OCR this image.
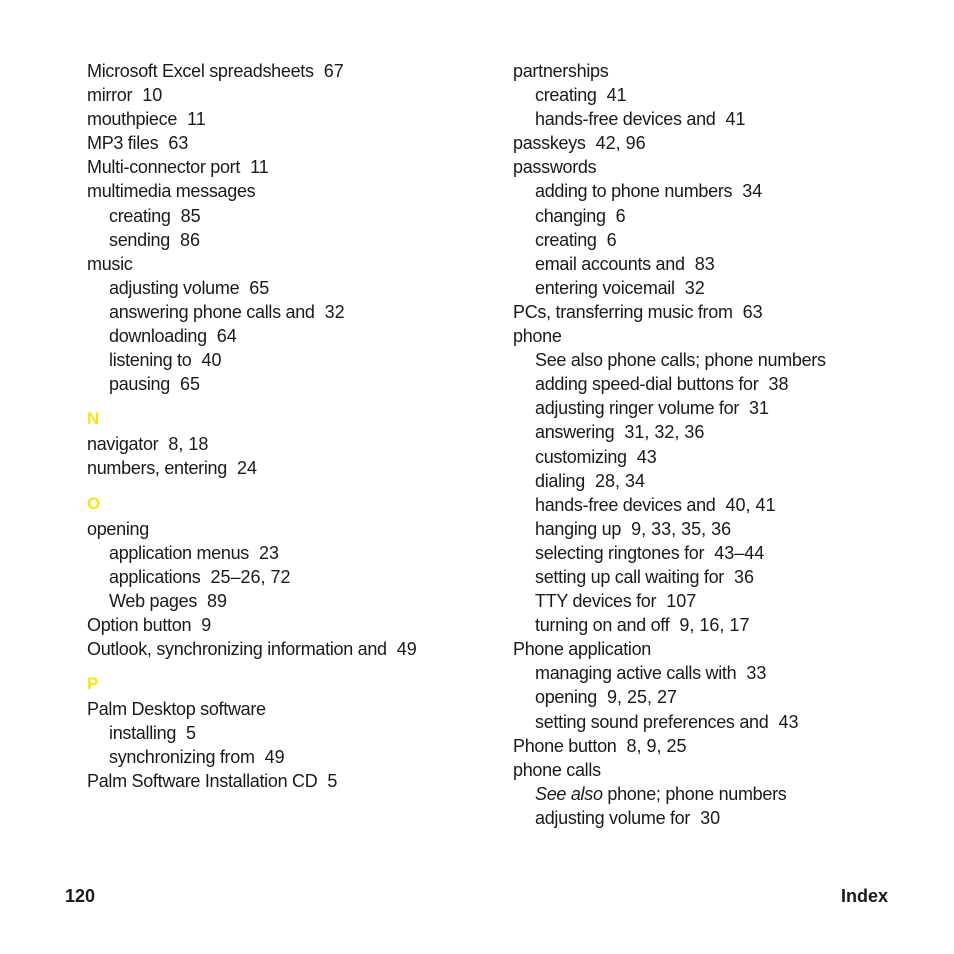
Microsoft Excel spreadsheets 67
mirror 10
mouthpiece 11
MP3 files 63
Multi-connector port 11
multimedia messages
creating 85
sending 86
music
adjusting volume 65
answering phone calls and 32
downloading 64
listening to 40
pausing 65
N
navigator 8, 18
numbers, entering 24
O
opening
application menus 23
applications 25–26, 72
Web pages 89
Option button 9
Outlook, synchronizing information and 49
P
Palm Desktop software
installing 5
synchronizing from 49
Palm Software Installation CD 5
partnerships
creating 41
hands-free devices and 41
passkeys 42, 96
passwords
adding to phone numbers 34
changing 6
creating 6
email accounts and 83
entering voicemail 32
PCs, transferring music from 63
phone
See also phone calls; phone numbers
adding speed-dial buttons for 38
adjusting ringer volume for 31
answering 31, 32, 36
customizing 43
dialing 28, 34
hands-free devices and 40, 41
hanging up 9, 33, 35, 36
selecting ringtones for 43–44
setting up call waiting for 36
TTY devices for 107
turning on and off 9, 16, 17
Phone application
managing active calls with 33
opening 9, 25, 27
setting sound preferences and 43
Phone button 8, 9, 25
phone calls
See also phone; phone numbers
adjusting volume for 30
120	Index
